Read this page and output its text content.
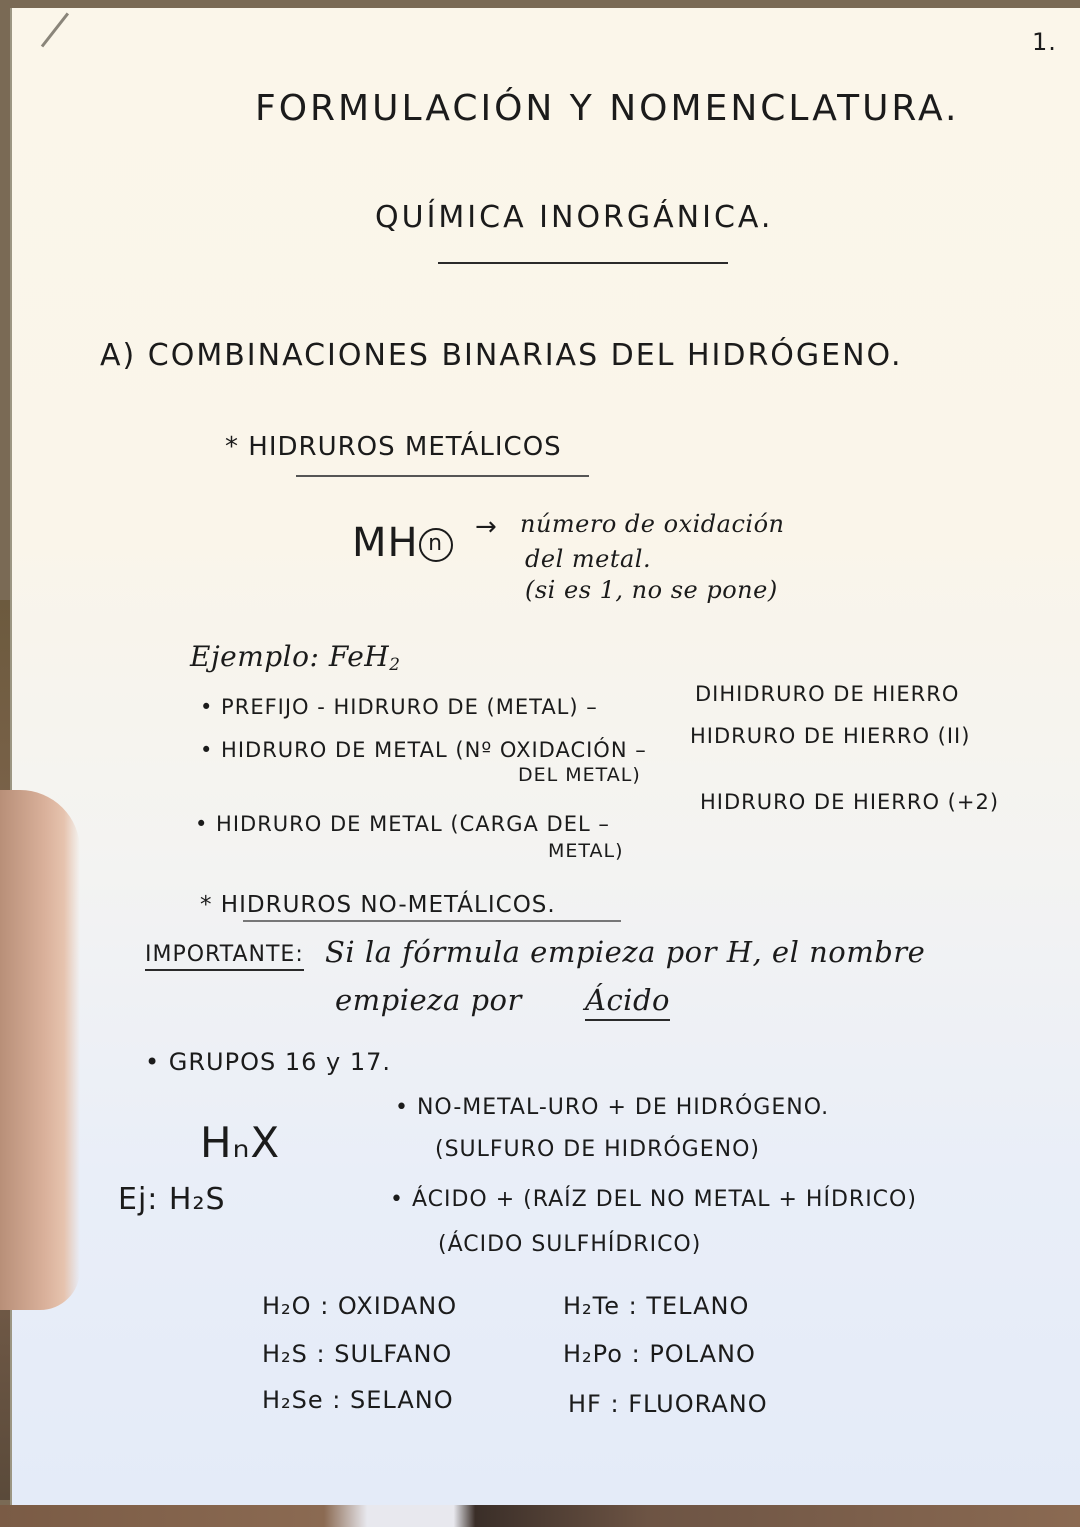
1.
FORMULACIÓN Y NOMENCLATURA.
QUÍMICA INORGÁNICA.
A) COMBINACIONES BINARIAS DEL HIDRÓGENO.
* HIDRUROS METÁLICOS
MH n
→ número de oxidación
del metal.
(si es 1, no se pone)
Ejemplo: FeH$_2$
• PREFIJO - HIDRURO DE (METAL) –
DIHIDRURO DE HIERRO
• HIDRURO DE METAL (Nº OXIDACIÓN –
DEL METAL)
HIDRURO DE HIERRO (II)
• HIDRURO DE METAL (CARGA DEL –
METAL)
HIDRURO DE HIERRO (+2)
* HIDRUROS NO-METÁLICOS.
IMPORTANTE: Si la fórmula empieza por H, el nombre
empieza por Ácido
• GRUPOS 16 y 17.
HₙX
Ej: H₂S
• NO-METAL-URO + DE HIDRÓGENO.
(SULFURO DE HIDRÓGENO)
• ÁCIDO + (RAÍZ DEL NO METAL + HÍDRICO)
(ÁCIDO SULFHÍDRICO)
H₂O : OXIDANO
H₂S : SULFANO
H₂Se : SELANO
H₂Te : TELANO
H₂Po : POLANO
HF : FLUORANO
